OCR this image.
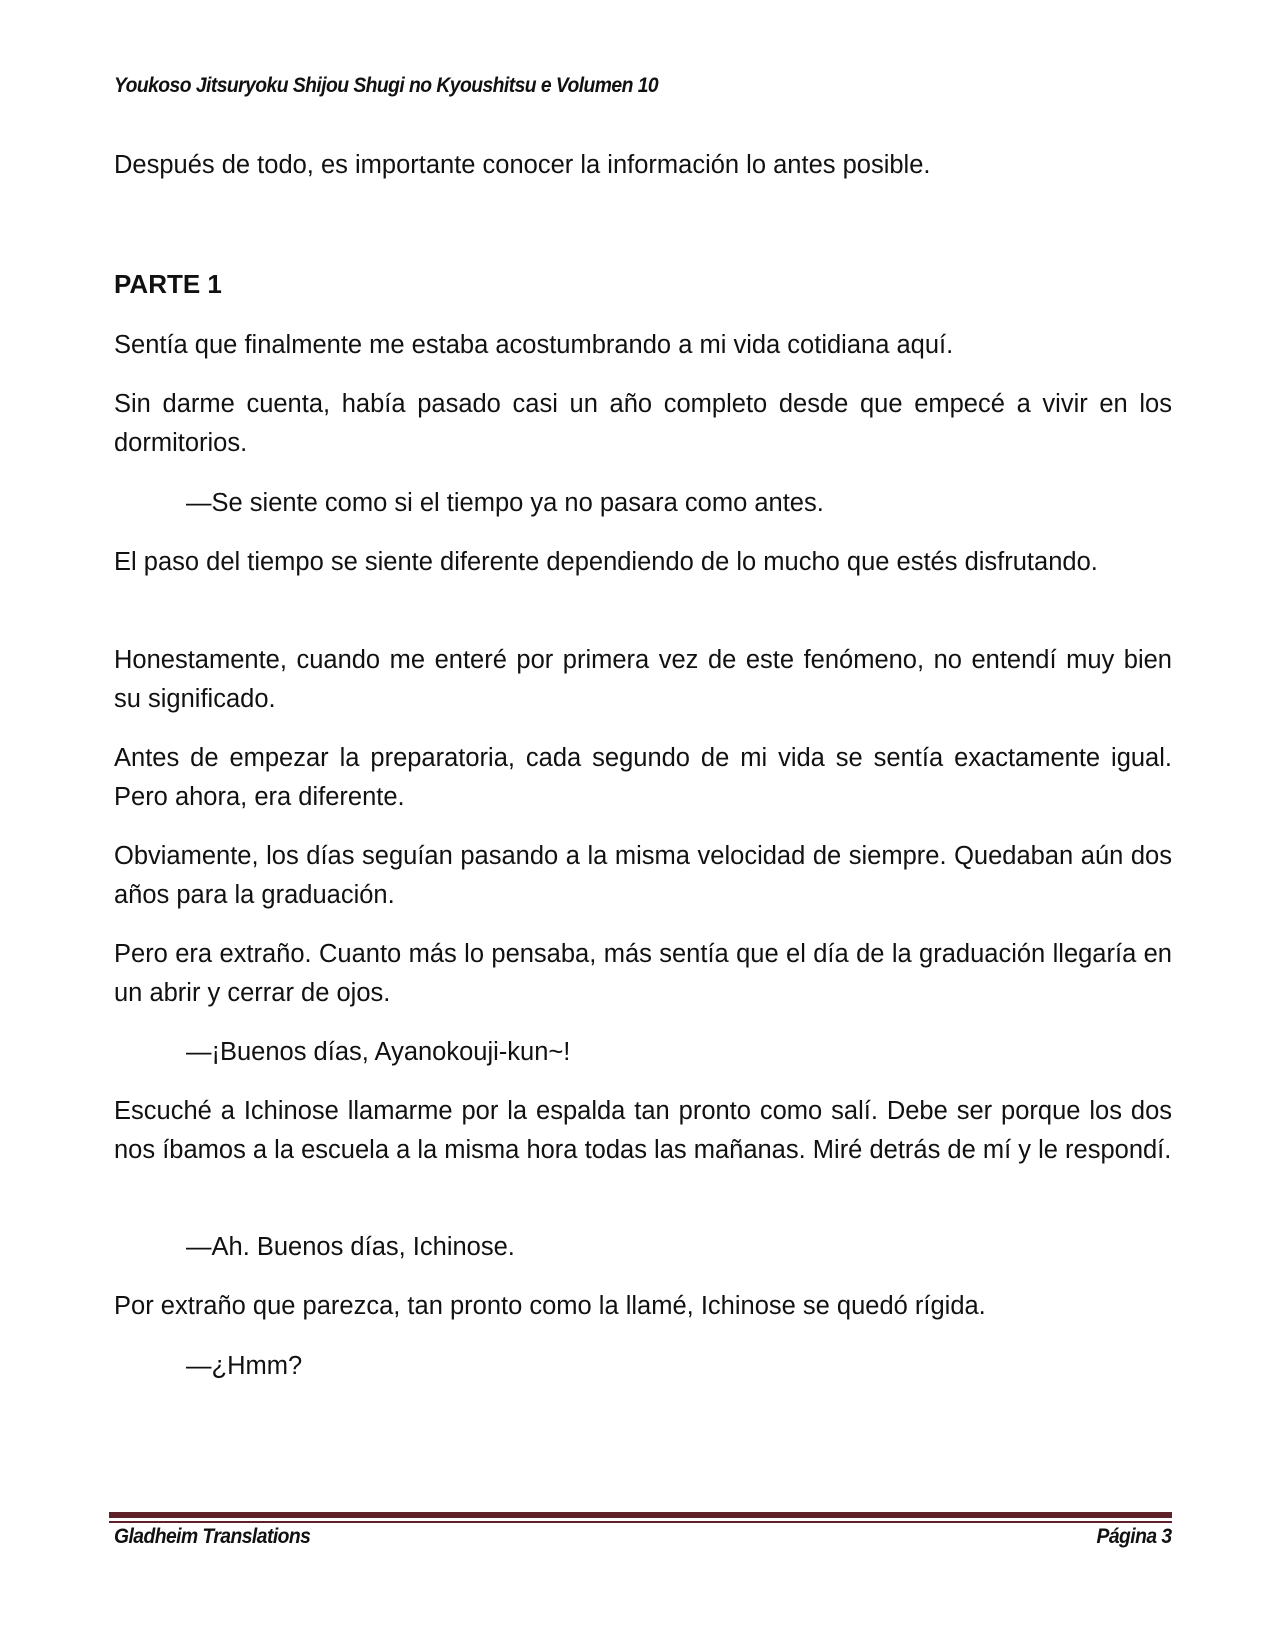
Youkoso Jitsuryoku Shijou Shugi no Kyoushitsu e Volumen 10
Después de todo, es importante conocer la información lo antes posible.
PARTE 1
Sentía que finalmente me estaba acostumbrando a mi vida cotidiana aquí.
Sin darme cuenta, había pasado casi un año completo desde que empecé a vivir en los dormitorios.
—Se siente como si el tiempo ya no pasara como antes.
El paso del tiempo se siente diferente dependiendo de lo mucho que estés disfrutando.
Honestamente, cuando me enteré por primera vez de este fenómeno, no entendí muy bien su significado.
Antes de empezar la preparatoria, cada segundo de mi vida se sentía exactamente igual. Pero ahora, era diferente.
Obviamente, los días seguían pasando a la misma velocidad de siempre. Quedaban aún dos años para la graduación.
Pero era extraño. Cuanto más lo pensaba, más sentía que el día de la graduación llegaría en un abrir y cerrar de ojos.
—¡Buenos días, Ayanokouji-kun~!
Escuché a Ichinose llamarme por la espalda tan pronto como salí. Debe ser porque los dos nos íbamos a la escuela a la misma hora todas las mañanas. Miré detrás de mí y le respondí.
—Ah. Buenos días, Ichinose.
Por extraño que parezca, tan pronto como la llamé, Ichinose se quedó rígida.
—¿Hmm?
Gladheim Translations	Página 3
